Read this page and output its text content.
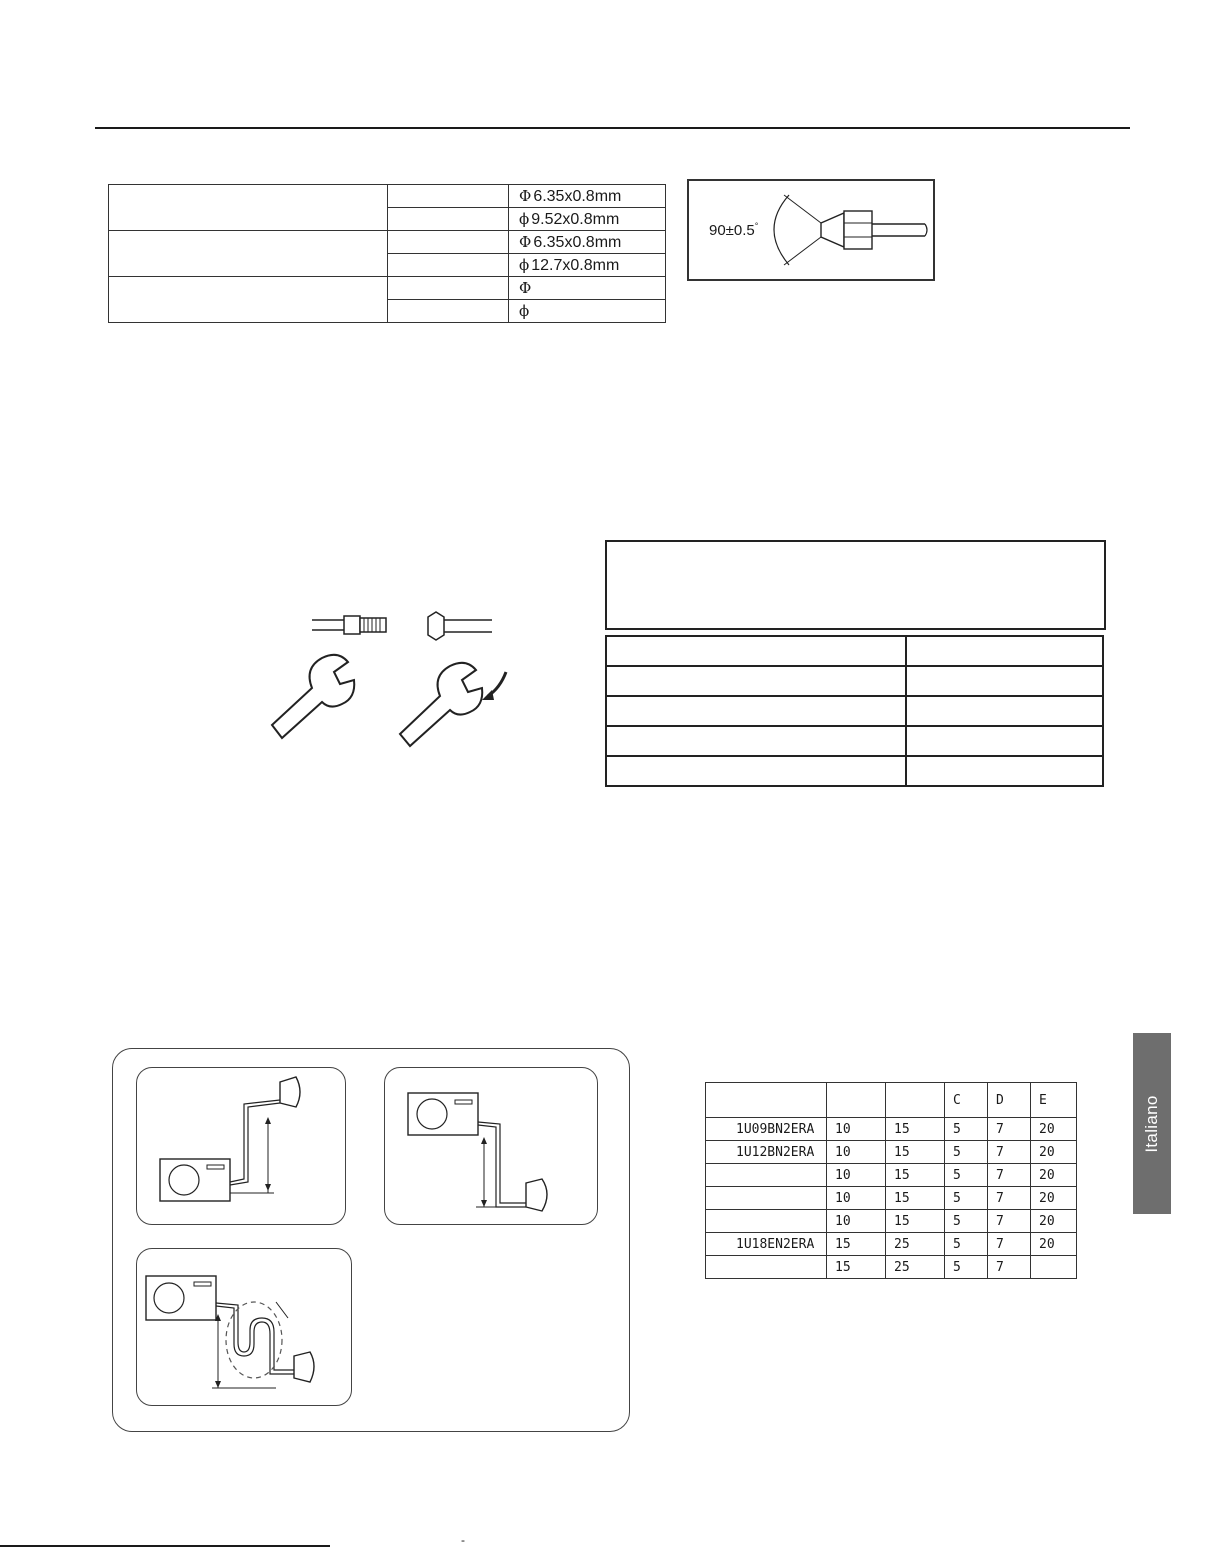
		Φ 6.35x0.8mm
		ϕ 9.52x0.8mm
		Φ 6.35x0.8mm
		ϕ 12.7x0.8mm
		Φ
		ϕ
90±0.5°

			C	D	E
1U09BN2ERA	10	15	5	7	20
1U12BN2ERA	10	15	5	7	20
	10	15	5	7	20
	10	15	5	7	20
	10	15	5	7	20
1U18EN2ERA	15	25	5	7	20
	15	25	5	7	
Italiano
-
